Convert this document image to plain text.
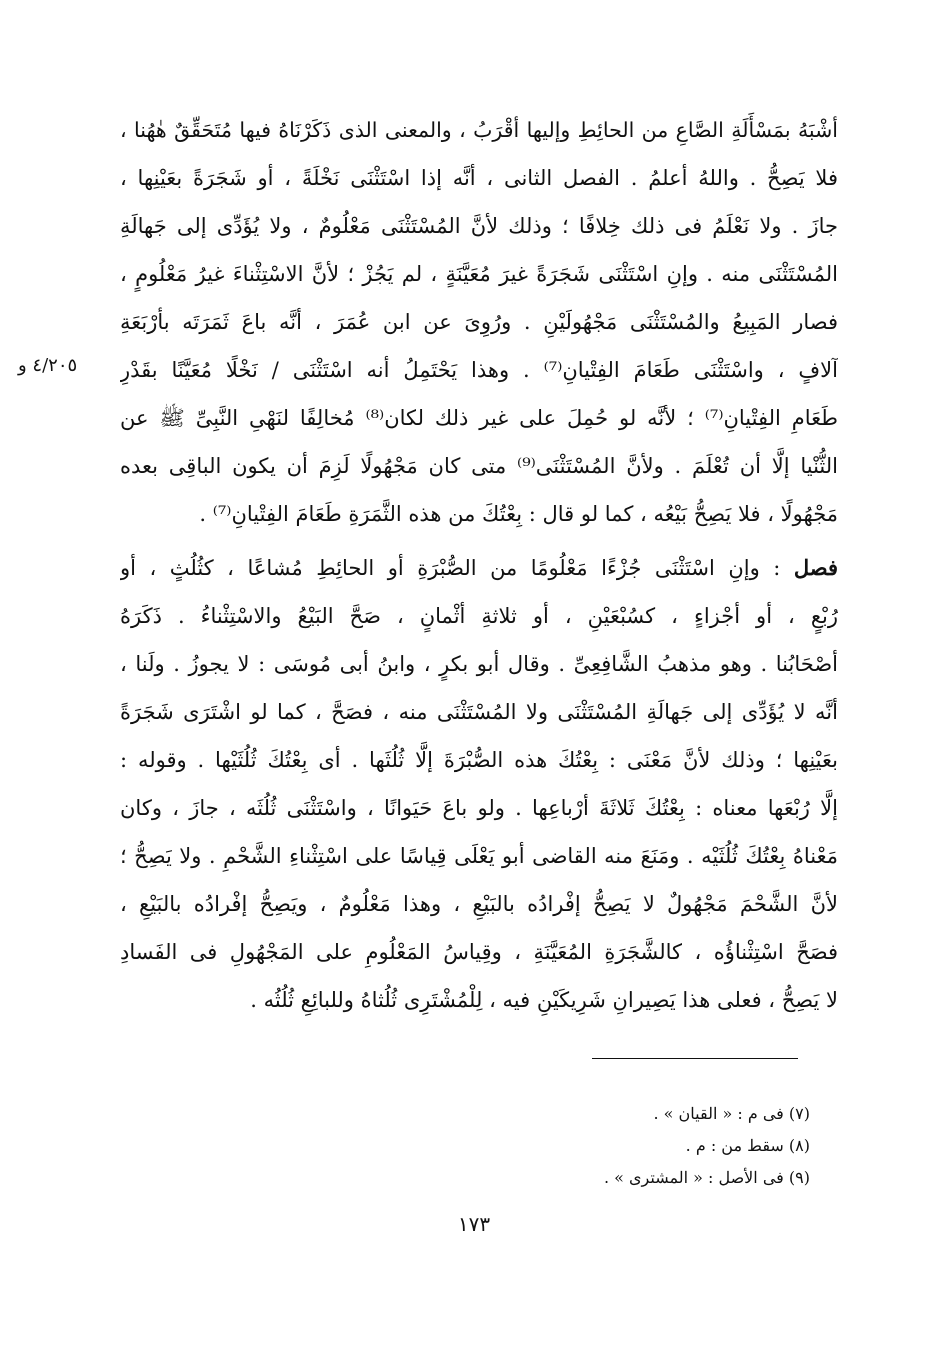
أشْبَهُ بمَسْأَلَةِ الصَّاعِ من الحائِطِ وإليها أقْرَبُ ، والمعنى الذى ذَكَرْنَاهُ فيها مُتَحَقِّقٌ هٰهُنا ،
فلا يَصِحُّ . واللهُ أعلمُ . الفصل الثانى ، أنَّه إذا اسْتَثْنَى نَخْلَةً ، أو شَجَرَةً بعَيْنِها ،
جازَ . ولا نَعْلَمُ فى ذلك خِلافًا ؛ وذلك لأنَّ المُسْتَثْنَى مَعْلُومٌ ، ولا يُؤَدِّى إلى جَهالَةِ
المُسْتَثْنَى منه . وإنِ اسْتَثْنَى شَجَرَةً غيرَ مُعَيَّنَةٍ ، لم يَجُزْ ؛ لأنَّ الاسْتِثْناءَ غيرُ مَعْلُومٍ ،
فصار المَبِيعُ والمُسْتَثْنَى مَجْهُولَيْنِ . ورُوِىَ عن ابن عُمَرَ ، أنَّه باعَ ثَمَرَتَه بأرْبَعَةِ
آلافٍ ، واسْتَثْنَى طَعَامَ الفِتْيانِ⁽⁷⁾ . وهذا يَحْتَمِلُ أنه اسْتَثْنَى / نَخْلًا مُعَيَّنًا بقَدْرِ
طَعَامِ الفِتْيانِ⁽⁷⁾ ؛ لأنَّه لو حُمِلَ على غير ذلك لكان⁽⁸⁾ مُخالِفًا لنَهْىِ النَّبِىِّ ﷺ عن
الثُّنْيا إلَّا أن تُعْلَمَ . ولأنَّ المُسْتَثْنَى⁽⁹⁾ متى كان مَجْهُولًا لَزِمَ أن يكون الباقِى بعده
مَجْهُولًا ، فلا يَصِحُّ بَيْعُه ، كما لو قال : بِعْتُكَ من هذه الثَّمَرَةِ طَعَامَ الفِتْيانِ⁽⁷⁾ .
٤/٢٠٥ و
فصل : وإنِ اسْتَثْنَى جُزْءًا مَعْلُومًا من الصُّبْرَةِ أو الحائِطِ مُشاعًا ، كثُلُثٍ ، أو
رُبْعٍ ، أو أجْزاءٍ ، كسُبْعَيْنِ ، أو ثلاثةِ أثْمانٍ ، صَحَّ البَيْعُ والاسْتِثْناءُ . ذَكَرَهُ
أصْحَابُنا . وهو مذهبُ الشَّافِعِىِّ . وقال أبو بكرٍ ، وابنُ أبى مُوسَى : لا يجوزُ . ولَنا ،
أنَّه لا يُؤَدِّى إلى جَهالَةِ المُسْتَثْنَى ولا المُسْتَثْنَى منه ، فصَحَّ ، كما لو اشْتَرَى شَجَرَةً
بعَيْنِها ؛ وذلك لأنَّ مَعْنَى : بِعْتُكَ هذه الصُّبْرَةَ إلَّا ثُلُثَها . أى بِعْتُكَ ثُلُثَيْها . وقوله :
إلَّا رُبْعَها معناه : بِعْتُكَ ثَلاثَةَ أرْباعِها . ولو باعَ حَيَوانًا ، واسْتَثْنَى ثُلُثَه ، جازَ ، وكان
مَعْناهُ بِعْتُكَ ثُلُثَيْه . ومَنَعَ منه القاضى أبو يَعْلَى قِياسًا على اسْتِثْناءِ الشَّحْمِ . ولا يَصِحُّ ؛
لأنَّ الشَّحْمَ مَجْهُولٌ لا يَصِحُّ إفْرادُه بالبَيْعِ ، وهذا مَعْلُومٌ ، ويَصِحُّ إفْرادُه بالبَيْعِ ،
فصَحَّ اسْتِثْناؤُه ، كالشَّجَرَةِ المُعَيَّنَةِ ، وقِياسُ المَعْلُومِ على المَجْهُولِ فى الفَسادِ
لا يَصِحُّ ، فعلى هذا يَصِيرانِ شَرِيكَيْنِ فيه ، لِلْمُشْتَرِى ثُلُثاهُ وللبائِعِ ثُلُثُه .
(٧) فى م : « القيان » .
(٨) سقط من : م .
(٩) فى الأصل : « المشترى » .
١٧٣
